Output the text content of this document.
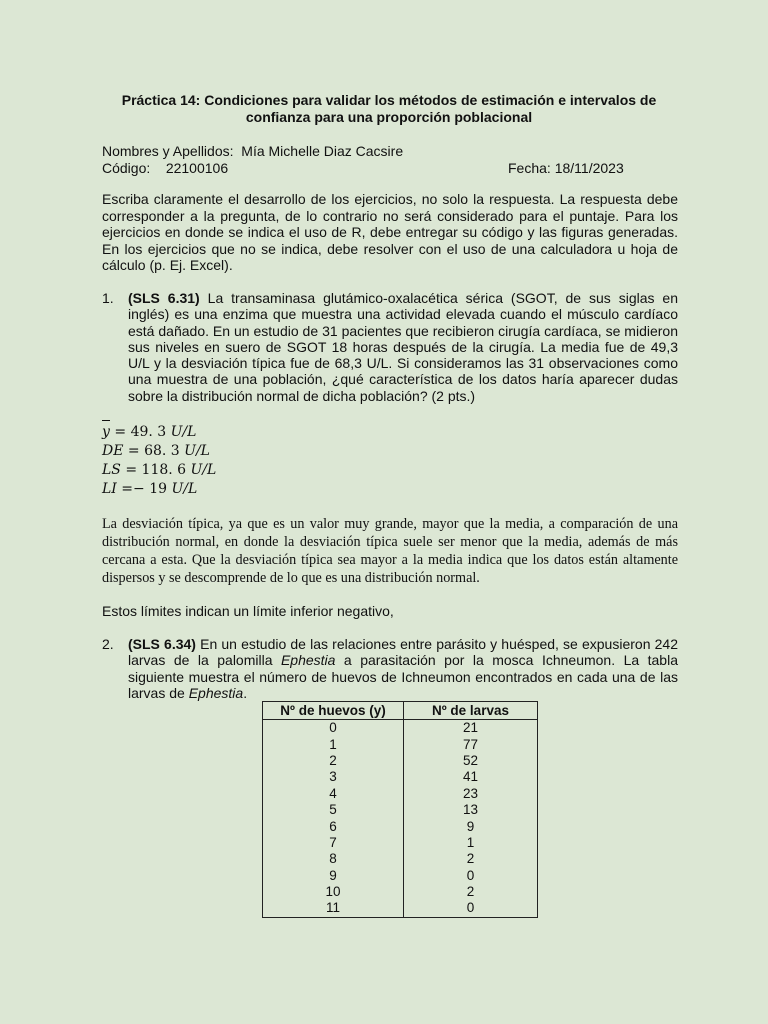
Práctica 14: Condiciones para validar los métodos de estimación e intervalos de confianza para una proporción poblacional
Nombres y Apellidos: Mía Michelle Diaz Cacsire
Código: 22100106	Fecha: 18/11/2023
Escriba claramente el desarrollo de los ejercicios, no solo la respuesta. La respuesta debe corresponder a la pregunta, de lo contrario no será considerado para el puntaje. Para los ejercicios en donde se indica el uso de R, debe entregar su código y las figuras generadas. En los ejercicios que no se indica, debe resolver con el uso de una calculadora u hoja de cálculo (p. Ej. Excel).
1. (SLS 6.31) La transaminasa glutámico-oxalacética sérica (SGOT, de sus siglas en inglés) es una enzima que muestra una actividad elevada cuando el músculo cardíaco está dañado. En un estudio de 31 pacientes que recibieron cirugía cardíaca, se midieron sus niveles en suero de SGOT 18 horas después de la cirugía. La media fue de 49,3 U/L y la desviación típica fue de 68,3 U/L. Si consideramos las 31 observaciones como una muestra de una población, ¿qué característica de los datos haría aparecer dudas sobre la distribución normal de dicha población? (2 pts.)
y = 49. 3 U/L
DE = 68. 3 U/L
LS = 118. 6 U/L
LI =− 19 U/L
La desviación típica, ya que es un valor muy grande, mayor que la media, a comparación de una distribución normal, en donde la desviación típica suele ser menor que la media, además de más cercana a esta. Que la desviación típica sea mayor a la media indica que los datos están altamente dispersos y se descomprende de lo que es una distribución normal.
Estos límites indican un límite inferior negativo,
2. (SLS 6.34) En un estudio de las relaciones entre parásito y huésped, se expusieron 242 larvas de la palomilla Ephestia a parasitación por la mosca Ichneumon. La tabla siguiente muestra el número de huevos de Ichneumon encontrados en cada una de las larvas de Ephestia.
Nº de huevos (y)	Nº de larvas
0	21
1	77
2	52
3	41
4	23
5	13
6	9
7	1
8	2
9	0
10	2
11	0
